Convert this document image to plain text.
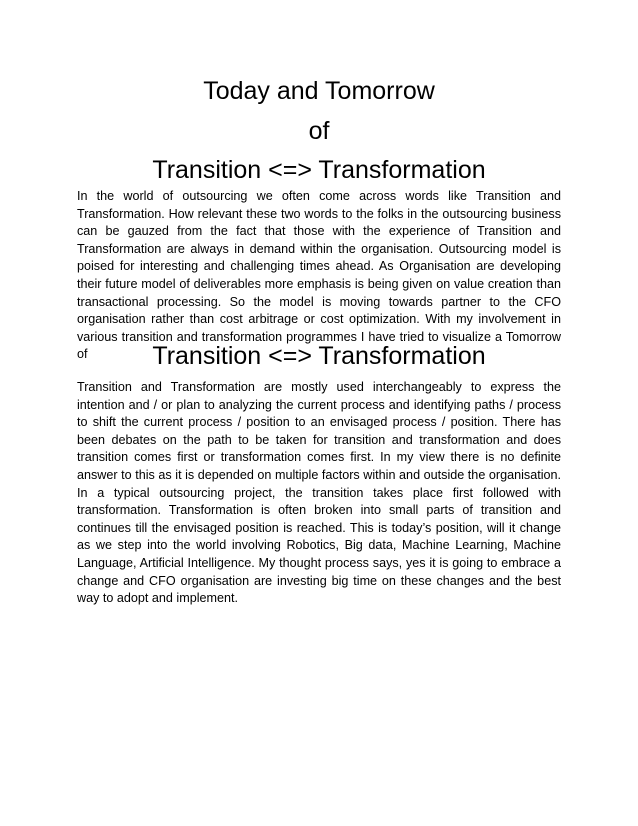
Today and Tomorrow
of
Transition <=> Transformation

In the world of outsourcing we often come across words like Transition and Transformation. How relevant these two words to the folks in the outsourcing business can be gauzed from the fact that those with the experience of Transition and Transformation are always in demand within the organisation. Outsourcing model is poised for interesting and challenging times ahead. As Organisation are developing their future model of deliverables more emphasis is being given on value creation than transactional processing. So the model is moving towards partner to the CFO organisation rather than cost arbitrage or cost optimization. With my involvement in various transition and transformation programmes I have tried to visualize a Tomorrow of	Transition <=> Transformation

Transition and Transformation are mostly used interchangeably to express the intention and / or plan to analyzing the current process and identifying paths / process to shift the current process / position to an envisaged process / position. There has been debates on the path to be taken for transition and transformation and does transition comes first or transformation comes first. In my view there is no definite answer to this as it is depended on multiple factors within and outside the organisation. In a typical outsourcing project, the transition takes place first followed with transformation. Transformation is often broken into small parts of transition and continues till the envisaged position is reached. This is today’s position, will it change as we step into the world involving Robotics, Big data, Machine Learning, Machine Language, Artificial Intelligence. My thought process says, yes it is going to embrace a change and CFO organisation are investing big time on these changes and the best way to adopt and implement.
